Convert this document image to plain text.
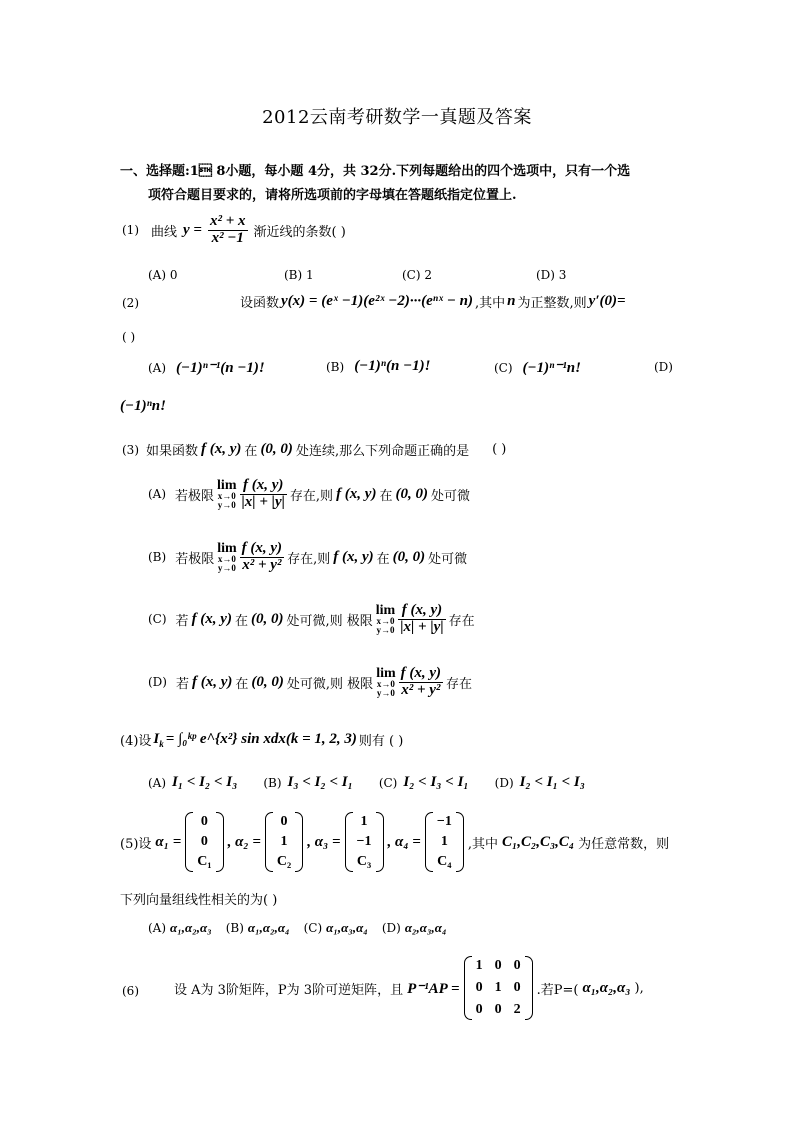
2012云南考研数学一真题及答案
一、选择题:1 8小题，每小题 4分，共 32分.下列每题给出的四个选项中，只有一个选
项符合题目要求的，请将所选项前的字母填在答题纸指定位置上.
(1) 曲线 $y = \frac{\text{x² + x}}{\text{x² −1}}$ 渐近线的条数( )
(A) 0	(B) 1	(C) 2	(D) 3
(2)	设函数 y(x) = (eˣ −1)(e²ˣ −2)···(eⁿˣ − n) ,其中 n 为正整数,则 y′(0)=
( )
(A) (−1)ⁿ⁻¹(n −1)!	(B) (−1)ⁿ(n −1)!	(C) (−1)ⁿ⁻¹n!	(D)
(−1)ⁿn!
(3) 如果函数 f (x, y) 在 (0, 0) 处连续,那么下列命题正确的是 ( )
(A) 若极限
lim
x→0
$y\to 0 \frac{f (x, y)}{|x| + |y|}$ 存在,则 f (x, y) 在 (0, 0) 处可微
(B) 若极限
lim
x→0
$y\to 0 \frac{f (x, y)}{\text{x² + y²}}$ 存在,则 f (x, y) 在 (0, 0) 处可微
(C) 若 f (x, y) 在 (0, 0) 处可微,则 极限
lim
x→0
$y\to 0 \frac{f (x, y)}{|x| + |y|}$ 存在
(D) 若 f (x, y) 在 (0, 0) 处可微,则 极限
lim
x→0
$y\to 0 \frac{f (x, y)}{\text{x² + y²}}$ 存在
(4)设 $I_k$ = ∫₀ᵏᵖ e^{x²} sin xdx(k = 1, 2, 3) 则有 ( )
(A) I₁ < I₂ < I₃ (B) I₃ < I₂ < I₁ (C) I₂ < I₃ < I₁ (D) I₂ < I₁ < I₃
(5)设 α₁ =
0
0
C₁
, α₂ =
0
1
C₂
, α₃ =
1
−1
C₃
, α₄ =
−1
1
C₄
,其中 C₁,C₂,C₃,C₄ 为任意常数，则
下列向量组线性相关的为( )
(A) α₁,α₂,α₃ (B) α₁,α₂,α₄ (C) α₁,α₃,α₄ (D) α₂,α₃,α₄
(6)	设 A为 3阶矩阵，P为 3阶可逆矩阵，且 P⁻¹AP =
1 0 0
0 1 0
0 0 2
.若P=( α₁,α₂,α₃ ),
